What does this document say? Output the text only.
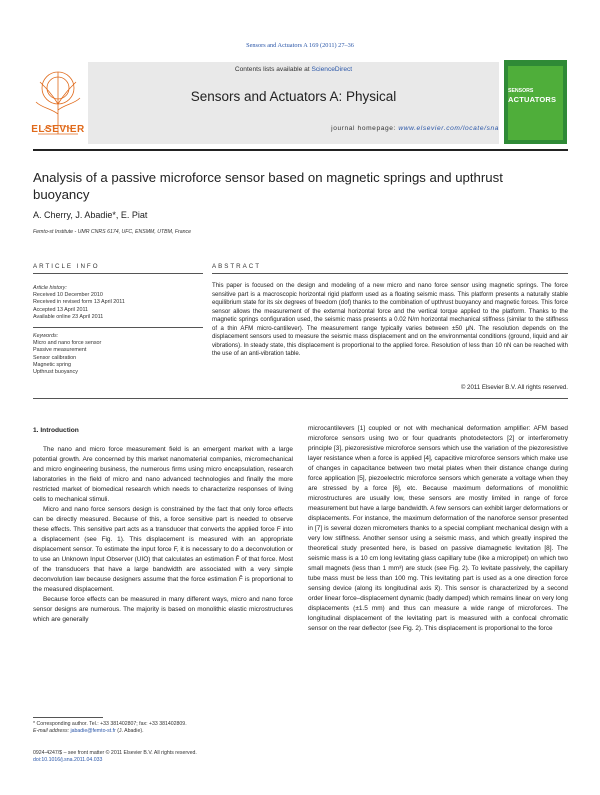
Sensors and Actuators A 169 (2011) 27–36
ELSEVIER
Contents lists available at ScienceDirect
Sensors and Actuators A: Physical
journal homepage: www.elsevier.com/locate/sna
SENSORS
ACTUATORS
Analysis of a passive microforce sensor based on magnetic springs and upthrust buoyancy
A. Cherry, J. Abadie*, E. Piat
Femto-st Institute - UMR CNRS 6174, UFC, ENSMM, UTBM, France
ARTICLE INFO
Article history:
Received 10 December 2010
Received in revised form 13 April 2011
Accepted 13 April 2011
Available online 23 April 2011
Keywords:
Micro and nano force sensor
Passive measurement
Sensor calibration
Magnetic spring
Upthrust buoyancy
ABSTRACT
This paper is focused on the design and modeling of a new micro and nano force sensor using magnetic springs. The force sensitive part is a macroscopic horizontal rigid platform used as a floating seismic mass. This platform presents a naturally stable equilibrium state for its six degrees of freedom (dof) thanks to the combination of upthrust buoyancy and magnetic forces. This force sensor allows the measurement of the external horizontal force and the vertical torque applied to the platform. Thanks to the magnetic springs configuration used, the seismic mass presents a 0.02 N/m horizontal mechanical stiffness (similar to the stiffness of a thin AFM micro-cantilever). The measurement range typically varies between ±50 μN. The resolution depends on the displacement sensors used to measure the seismic mass displacement and on the environmental conditions (ground, liquid and air vibrations). In steady state, this displacement is proportional to the applied force. Resolution of less than 10 nN can be reached with the use of an anti-vibration table.
© 2011 Elsevier B.V. All rights reserved.
1. Introduction

The nano and micro force measurement field is an emergent market with a large potential growth. Are concerned by this market nanomaterial companies, micromechanical and micro engineering business, the numerous firms using micro encapsulation, research laboratories in the field of micro and nano advanced technologies and finally the more restricted market of biomedical research which needs to characterize responses of living cells to mechanical stimuli.

Micro and nano force sensors design is constrained by the fact that only force effects can be directly measured. Because of this, a force sensitive part is needed to observe these effects. This sensitive part acts as a transducer that converts the applied force F into a displacement (see Fig. 1). This displacement is measured with an appropriate displacement sensor. To estimate the input force F, it is necessary to do a deconvolution or to use an Unknown Input Observer (UIO) that calculates an estimation F̂ of that force. Most of the transducers that have a large bandwidth are associated with a very simple deconvolution law because designers assume that the force estimation F̂ is proportional to the measured displacement.

Because force effects can be measured in many different ways, micro and nano force sensor designs are numerous. The majority is based on monolithic elastic microstructures which are generally

microcantilevers [1] coupled or not with mechanical deformation amplifier: AFM based microforce sensors using two or four quadrants photodetectors [2] or interferometry principle [3], piezoresistive microforce sensors which use the variation of the piezoresistive layer resistance when a force is applied [4], capacitive microforce sensors which make use of changes in capacitance between two metal plates when their distance change during force application [5], piezoelectric microforce sensors which generate a voltage when they are stressed by a force [6], etc. Because maximum deformations of monolithic microstructures are usually low, these sensors are mostly limited in range of force measurement but have a large bandwidth. A few sensors can exhibit larger deformations or displacements. For instance, the maximum deformation of the nanoforce sensor presented in [7] is several dozen micrometers thanks to a special compliant mechanical design with a very low stiffness. Another sensor using a seismic mass, and which greatly inspired the theoretical study presented here, is based on passive diamagnetic levitation [8]. The seismic mass is a 10 cm long levitating glass capillary tube (like a micropipet) on which two small magnets (less than 1 mm³) are stuck (see Fig. 2). To levitate passively, the capillary tube mass must be less than 100 mg. This levitating part is used as a one direction force sensing device (along its longitudinal axis x⃗). This sensor is characterized by a second order linear force–displacement dynamic (badly damped) which remains linear on very long displacements (±1.5 mm) and thus can measure a wide range of microforces. The longitudinal displacement of the levitating part is measured with a confocal chromatic sensor on the rear deflector (see Fig. 2). This displacement is proportional to the force

* Corresponding author. Tel.: +33 381402807; fax: +33 381402809.
E-mail address: jabadie@femto-st.fr (J. Abadie).
0924-4247/$ – see front matter © 2011 Elsevier B.V. All rights reserved.
doi:10.1016/j.sna.2011.04.033
